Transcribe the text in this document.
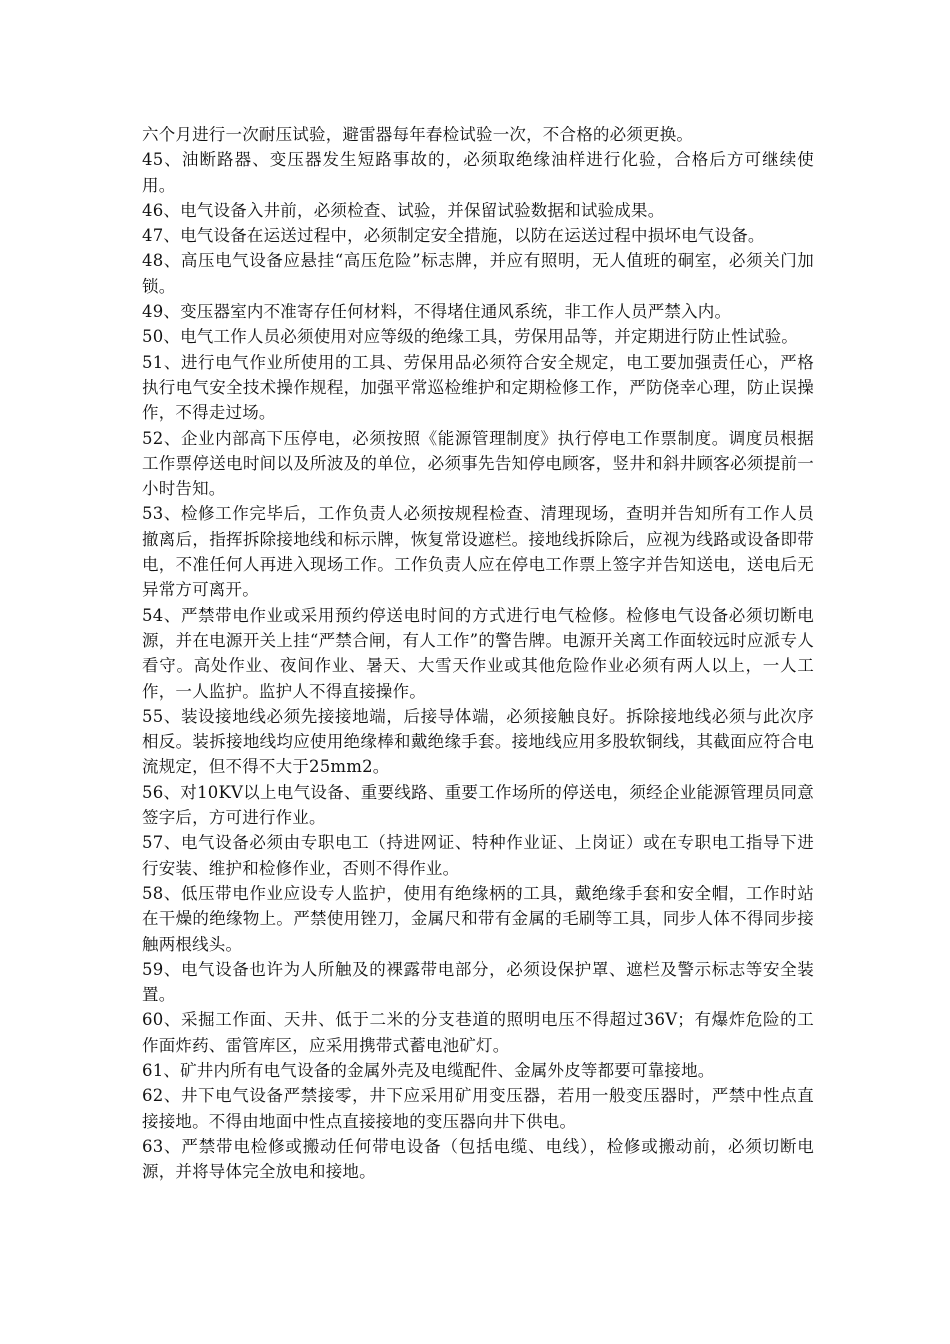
六个月进行一次耐压试验，避雷器每年春检试验一次，不合格的必须更换。

45、油断路器、变压器发生短路事故的，必须取绝缘油样进行化验，合格后方可继续使用。

46、电气设备入井前，必须检查、试验，并保留试验数据和试验成果。

47、电气设备在运送过程中，必须制定安全措施，以防在运送过程中损坏电气设备。

48、高压电气设备应悬挂“高压危险”标志牌，并应有照明，无人值班的硐室，必须关门加锁。

49、变压器室内不准寄存任何材料，不得堵住通风系统，非工作人员严禁入内。

50、电气工作人员必须使用对应等级的绝缘工具，劳保用品等，并定期进行防止性试验。

51、进行电气作业所使用的工具、劳保用品必须符合安全规定，电工要加强责任心，严格执行电气安全技术操作规程，加强平常巡检维护和定期检修工作，严防侥幸心理，防止误操作，不得走过场。

52、企业内部高下压停电，必须按照《能源管理制度》执行停电工作票制度。调度员根据工作票停送电时间以及所波及的单位，必须事先告知停电顾客，竖井和斜井顾客必须提前一小时告知。

53、检修工作完毕后，工作负责人必须按规程检查、清理现场，查明并告知所有工作人员撤离后，指挥拆除接地线和标示牌，恢复常设遮栏。接地线拆除后，应视为线路或设备即带电，不准任何人再进入现场工作。工作负责人应在停电工作票上签字并告知送电，送电后无异常方可离开。

54、严禁带电作业或采用预约停送电时间的方式进行电气检修。检修电气设备必须切断电源，并在电源开关上挂“严禁合闸，有人工作”的警告牌。电源开关离工作面较远时应派专人看守。高处作业、夜间作业、暑天、大雪天作业或其他危险作业必须有两人以上，一人工作，一人监护。监护人不得直接操作。

55、装设接地线必须先接接地端，后接导体端，必须接触良好。拆除接地线必须与此次序相反。装拆接地线均应使用绝缘棒和戴绝缘手套。接地线应用多股软铜线，其截面应符合电流规定，但不得不大于25mm2。

56、对10KV以上电气设备、重要线路、重要工作场所的停送电，须经企业能源管理员同意签字后，方可进行作业。

57、电气设备必须由专职电工（持进网证、特种作业证、上岗证）或在专职电工指导下进行安装、维护和检修作业，否则不得作业。

58、低压带电作业应设专人监护，使用有绝缘柄的工具，戴绝缘手套和安全帽，工作时站在干燥的绝缘物上。严禁使用锉刀，金属尺和带有金属的毛刷等工具，同步人体不得同步接触两根线头。

59、电气设备也许为人所触及的裸露带电部分，必须设保护罩、遮栏及警示标志等安全装置。

60、采掘工作面、天井、低于二米的分支巷道的照明电压不得超过36V；有爆炸危险的工作面炸药、雷管库区，应采用携带式蓄电池矿灯。

61、矿井内所有电气设备的金属外壳及电缆配件、金属外皮等都要可靠接地。

62、井下电气设备严禁接零，井下应采用矿用变压器，若用一般变压器时，严禁中性点直接接地。不得由地面中性点直接接地的变压器向井下供电。

63、严禁带电检修或搬动任何带电设备（包括电缆、电线），检修或搬动前，必须切断电源，并将导体完全放电和接地。
